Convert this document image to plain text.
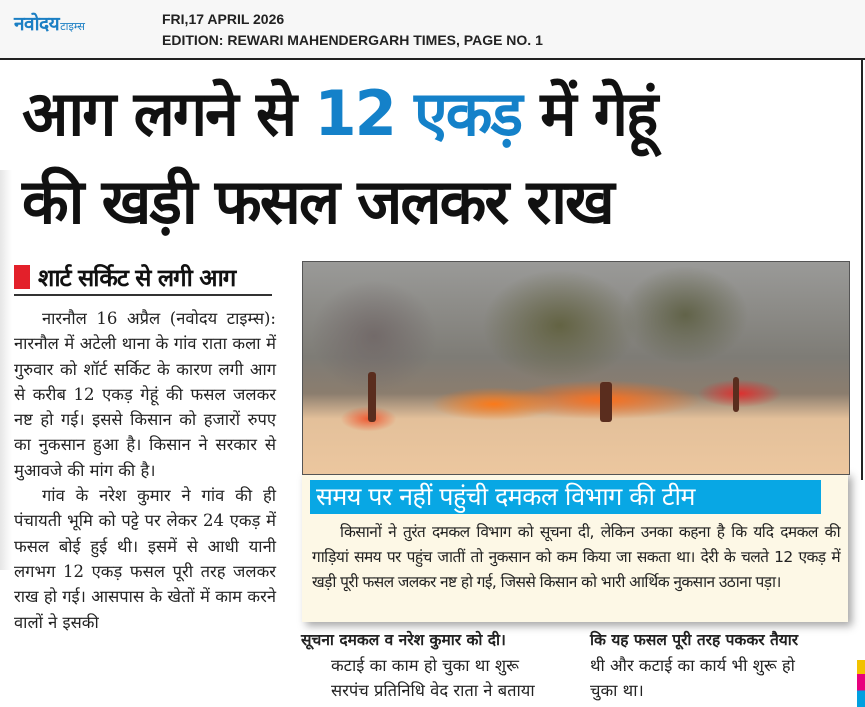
नवोदय टाइम्स	FRI,17 APRIL 2026
EDITION: REWARI MAHENDERGARH TIMES, PAGE NO. 1
आग लगने से 12 एकड़ में गेहूं
की खड़ी फसल जलकर राख
शार्ट सर्किट से लगी आग

नारनौल 16 अप्रैल (नवोदय टाइम्स): नारनौल में अटेली थाना के गांव राता कला में गुरुवार को शॉर्ट सर्किट के कारण लगी आग से करीब 12 एकड़ गेहूं की फसल जलकर नष्ट हो गई। इससे किसान को हजारों रुपए का नुकसान हुआ है। किसान ने सरकार से मुआवजे की मांग की है।

गांव के नरेश कुमार ने गांव की ही पंचायती भूमि को पट्टे पर लेकर 24 एकड़ में फसल बोई हुई थी। इसमें से आधी यानी लगभग 12 एकड़ फसल पूरी तरह जलकर राख हो गई। आसपास के खेतों में काम करने वालों ने इसकी

समय पर नहीं पहुंची दमकल विभाग की टीम

किसानों ने तुरंत दमकल विभाग को सूचना दी, लेकिन उनका कहना है कि यदि दमकल की गाड़ियां समय पर पहुंच जातीं तो नुकसान को कम किया जा सकता था। देरी के चलते 12 एकड़ में खड़ी पूरी फसल जलकर नष्ट हो गई, जिससे किसान को भारी आर्थिक नुकसान उठाना पड़ा।

सूचना दमकल व नरेश कुमार को दी।
कटाई का काम हो चुका था शुरू
सरपंच प्रतिनिधि वेद राता ने बताया
कि यह फसल पूरी तरह पककर तैयार
थी और कटाई का कार्य भी शुरू हो
चुका था।
